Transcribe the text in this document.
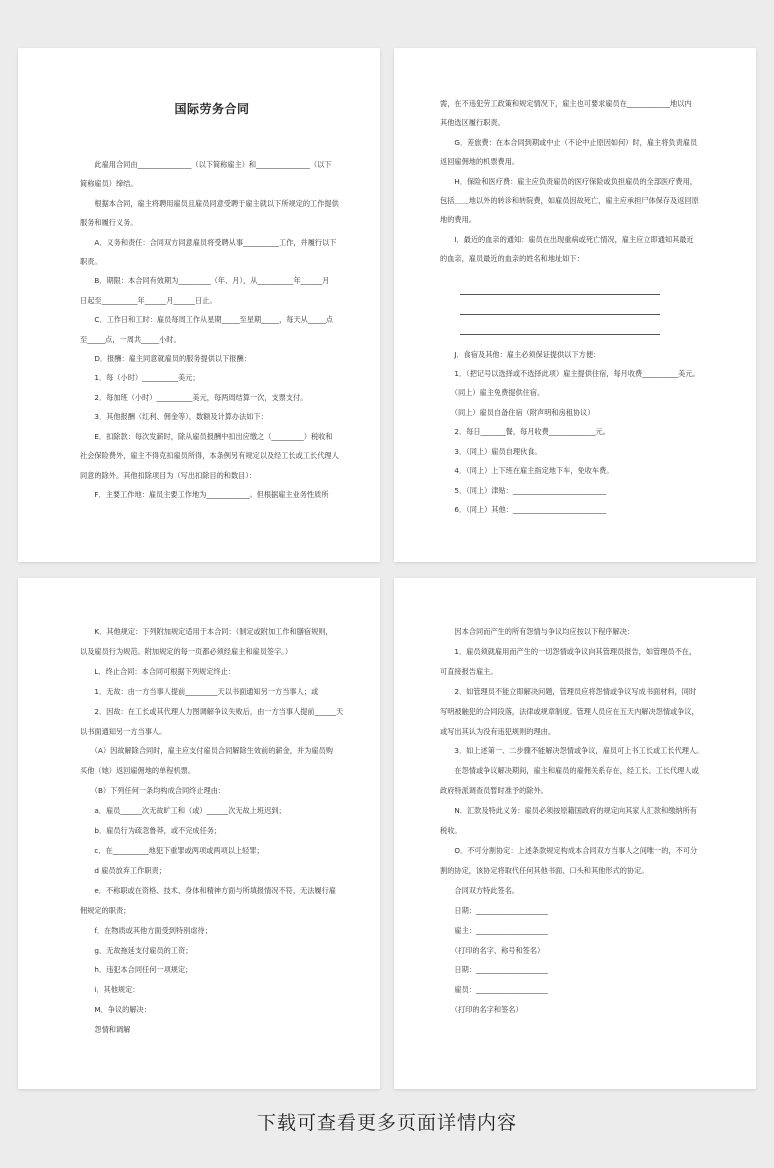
国际劳务合同
　　此雇用合同由_______________（以下简称雇主）和_______________（以下
简称雇员）缔结。
　　根据本合同，雇主将聘用雇员且雇员同意受聘于雇主就以下所规定的工作提供
服务和履行义务。
　　A．义务和责任：合同双方同意雇员将受聘从事__________工作，并履行以下
职责。
　　B．期限：本合同有效期为_________（年、月），从__________年______月
日起至__________年______月______日止。
　　C．工作日和工时：雇员每周工作从星期_____至星期_____，每天从_____点
至_____点，一周共_____小时。
　　D．报酬：雇主同意就雇员的服务提供以下报酬：
　　1．每（小时）__________美元；
　　2．每加班（小时）__________美元，每两周结算一次，支票支付。
　　3．其他报酬（红利、佣金等），数额及计算办法如下：
　　E．扣除款：每次发薪时，除从雇员报酬中扣出应缴之（_________）税收和
社会保险费外，雇主不得克扣雇员所得，本条例另有规定以及经工长或工长代理人
同意的除外。其他扣除项目为（写出扣除目的和数目）：
　　F．主要工作地：雇员主要工作地为____________。但根据雇主业务性质所
需，在不违犯劳工政策和规定情况下，雇主也可要求雇员在____________地以内
其他选区履行职责。
　　G．差旅费：在本合同到期或中止（不论中止原因如何）时，雇主将负责雇员
返回雇佣地的机票费用。
　　H．保险和医疗费：雇主应负责雇员的医疗保险或负担雇员的全部医疗费用，
包括＿＿地以外的转诊和转院费，如雇员因故死亡，雇主应承担尸体保存及返回原
地的费用。
　　I．最近的血亲的通知：雇员在出现重病或死亡情况，雇主应立即通知其最近
的血亲，雇员最近的血亲的姓名和地址如下：
　　J．食宿及其他：雇主必须保证提供以下方便：
　　1．（把记号以选择或不选择此项）雇主提供住宿，每月收费__________美元。
　　（同上）雇主免费提供住宿。
　　（同上）雇员自备住宿（附声明和房租协议）
　　2．每日_______餐，每月收费_____________元。
　　3．（同上）雇员自理伙食。
　　4．（同上）上下班在雇主指定地下车，免收车费。
　　5．（同上）津贴：__________________________
　　6．（同上）其他：__________________________
　　K．其他规定：下列附加规定适用于本合同：（制定或附加工作和膳宿规则，
以及雇员行为规范。附加规定的每一页都必须经雇主和雇员签字。）
　　L．终止合同：本合同可根据下列规定终止：
　　1．无故：由一方当事人提前_________天以书面通知另一方当事人；或
　　2．因故：在工长或其代理人力图调解争议失败后，由一方当事人提前______天
以书面通知另一方当事人。
　　（A）因故解除合同时，雇主应支付雇员合同解除生效前的薪金，并为雇员购
买他（她）返回雇佣地的单程机票。
　　（B）下列任何一条均构成合同终止理由：
　　a．雇员______次无故旷工和（或）______次无故上班迟到；
　　b．雇员行为疏忽鲁莽，或不完成任务；
　　c．在__________地犯下重罪或两项或两项以上轻罪；
　　d 雇员放弃工作职责；
　　e．不称职或在资格、技术、身体和精神方面与所填报情况不符，无法履行雇
佣规定的职责；
　　f．在物质或其他方面受到特别虐待；
　　g．无故拖延支付雇员的工资；
　　h．违犯本合同任何一项规定；
　　i．其他规定：
　　M．争议的解决：
　　怨情和调解
　　因本合同而产生的所有怨情与争议均应按以下程序解决：
　　1．雇员须就雇用而产生的一切怨情或争议向其管理员报告，如管理员不在，
可直接报告雇主。
　　2．如管理员不能立即解决问题，管理员应将怨情或争议写成书面材料，同时
写明被触犯的合同段落，法律或规章制度。管理人员应在五天内解决怨情或争议，
或写出其认为没有违犯规则的理由。
　　3．如上述第一、二步骤不能解决怨情或争议，雇员可上书工长或工长代理人。
　　在怨情或争议解决期间，雇主和雇员的雇佣关系存在，经工长、工长代理人或
政府特派调查员暂时准予的除外。
　　N．汇款及特此义务：雇员必须按原籍国政府的规定向其家人汇款和缴纳所有
税收。
　　O．不可分割协定：上述条款规定构成本合同双方当事人之间唯一的，不可分
割的协定，该协定将取代任何其他书面、口头和其他形式的协定。
　　合同双方特此签名。
　　日期：____________________
　　雇主：____________________
　　（打印的名字、称号和签名）
　　日期：____________________
　　雇员：____________________
　　（打印的名字和签名）
下载可查看更多页面详情内容
